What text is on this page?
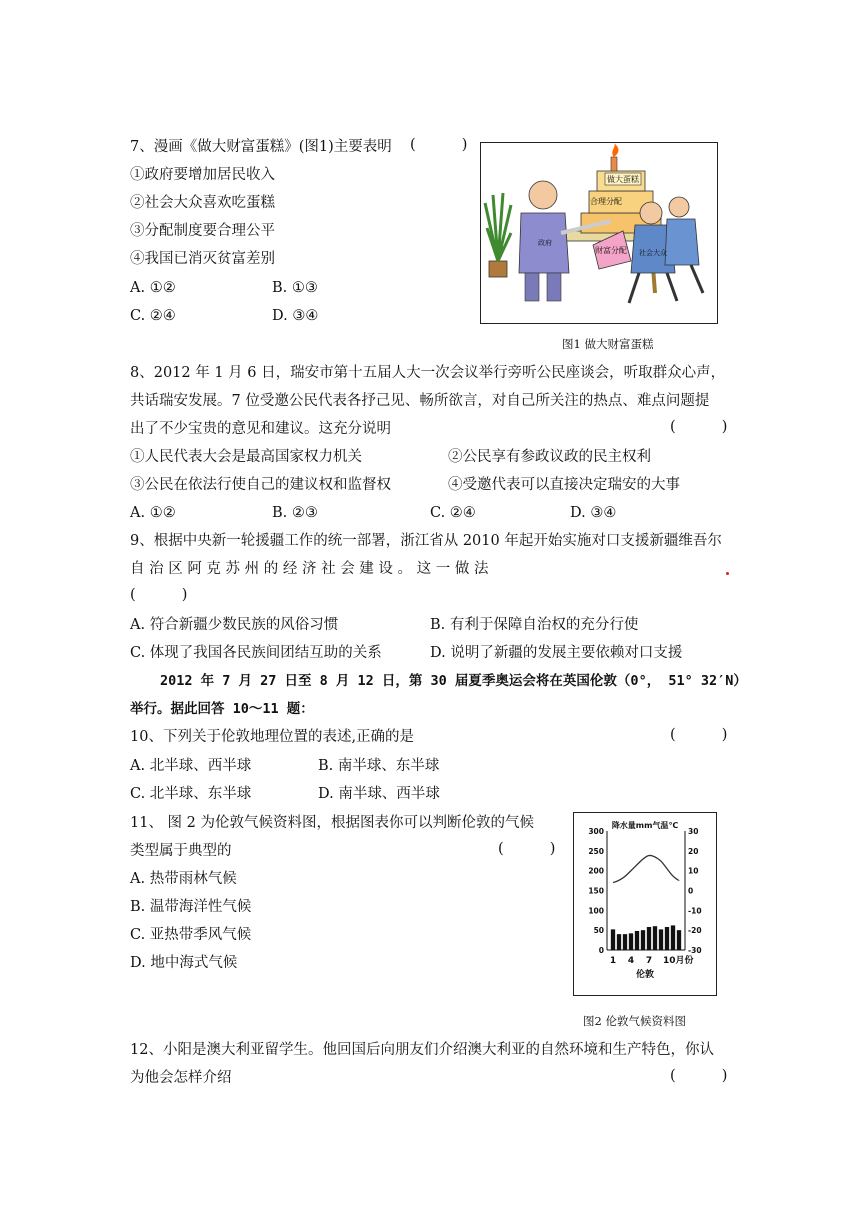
7、漫画《做大财富蛋糕》(图1)主要表明 (          )
①政府要增加居民收入
②社会大众喜欢吃蛋糕
③分配制度要合理公平
④我国已消灭贫富差别
A. ①②	B. ①③
C. ②④	D. ③④
做大蛋糕
合理分配
财富分配
政府
社会大众
图1 做大财富蛋糕
8、2012 年 1 月 6 日，瑞安市第十五届人大一次会议举行旁听公民座谈会，听取群众心声，
共话瑞安发展。7 位受邀公民代表各抒己见、畅所欲言，对自己所关注的热点、难点问题提
出了不少宝贵的意见和建议。这充分说明	(          )
①人民代表大会是最高国家权力机关	②公民享有参政议政的民主权利
③公民在依法行使自己的建议权和监督权	④受邀代表可以直接决定瑞安的大事
A. ①②	B. ②③	C. ②④	D. ③④
9、根据中央新一轮援疆工作的统一部署，浙江省从 2010 年起开始实施对口支援新疆维吾尔
自 治 区 阿 克 苏 州 的 经 济 社 会 建 设 。 这 一 做 法
(          )
A. 符合新疆少数民族的风俗习惯	B. 有利于保障自治权的充分行使
C. 体现了我国各民族间团结互助的关系	D. 说明了新疆的发展主要依赖对口支援
2012 年 7 月 27 日至 8 月 12 日，第 30 届夏季奥运会将在英国伦敦（0°， 51° 32′N）
举行。据此回答 10～11 题：
10、下列关于伦敦地理位置的表述,正确的是	(          )
A. 北半球、西半球	B. 南半球、东半球
C. 北半球、东半球	D. 南半球、西半球
11、 图 2 为伦敦气候资料图，根据图表你可以判断伦敦的气候
类型属于典型的	(          )
A. 热带雨林气候
B. 温带海洋性气候
C. 亚热带季风气候
D. 地中海式气候
降水量mm气温℃
300
250
200
150
100
50
0
30
20
10
0
-10
-20
-30
1 4 7 10月份
伦敦
图2 伦敦气候资料图
12、小阳是澳大利亚留学生。他回国后向朋友们介绍澳大利亚的自然环境和生产特色，你认
为他会怎样介绍	(          )
